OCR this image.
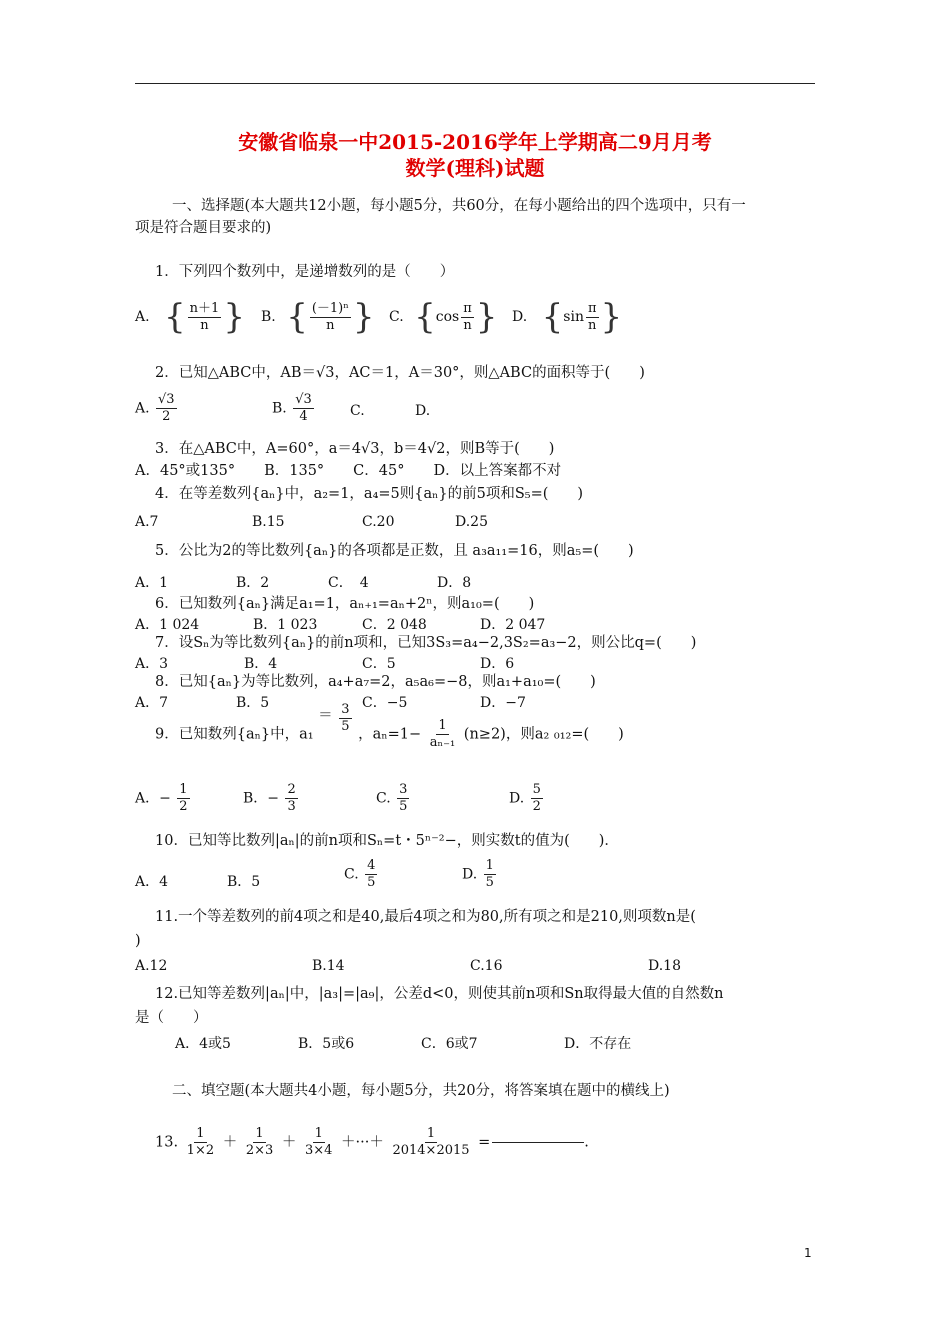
安徽省临泉一中2015-2016学年上学期高二9月月考
数学(理科)试题
一、选择题(本大题共12小题，每小题5分，共60分，在每小题给出的四个选项中，只有一
项是符合题目要求的)
1．下列四个数列中，是递增数列的是（　　）
A. { $\frac{n+1}{n}$ } B. { $\frac{\text{(－1)ⁿ}}{n}$ } C. { $\cos \frac{\pi}{n}$ } D. { $\sin \frac{\pi}{n}$ }
2．已知△ABC中，AB＝√3，AC＝1，A＝30°，则△ABC的面积等于(　　)
A. $\frac{√3}{2}$	B. $\frac{√3}{4}$	C.	D.
3．在△ABC中，A=60°，a＝4√3，b＝4√2，则B等于(　　)
A．45°或135°　　B．135°　　C．45°　　D．以上答案都不对
4．在等差数列{aₙ}中，a₂=1，a₄=5则{aₙ}的前5项和S₅=(　　)
A.7	B.15	C.20	D.25
5．公比为2的等比数列{aₙ}的各项都是正数，且 a₃a₁₁=16，则a₅=(　　)
A．1	B．2	C．　4	D．8
6．已知数列{aₙ}满足a₁=1，aₙ₊₁=aₙ+2ⁿ，则a₁₀=(　　)
A．1 024	B．1 023	C．2 048	D．2 047
7．设Sₙ为等比数列{aₙ}的前n项和，已知3S₃=a₄−2,3S₂=a₃−2，则公比q=(　　)
A．3	B．4	C．5	D．6
8．已知{aₙ}为等比数列，a₄+a₇=2，a₅a₆=−8，则a₁+a₁₀=(　　)
A．7	B．5	C．−5	D．−7
9．已知数列{aₙ}中，$a_1 = \frac{3}{5}$ ，$a_n=1- \frac{1}{\text{aₙ₋₁}} (n\ge 2)$，则a₂ ₀₁₂=(　　)
A．− $\frac{1}{2}$	B．− $\frac{2}{3}$	C. $\frac{3}{5}$	D. $\frac{5}{2}$
10．已知等比数列|aₙ|的前n项和Sₙ=t・5ⁿ⁻²−，则实数t的值为(　　)．
A．4	B．5	C. $\frac{4}{5}$	D. $\frac{1}{5}$
11.一个等差数列的前4项之和是40,最后4项之和为80,所有项之和是210,则项数n是(
)
A.12	B.14	C.16	D.18
12.已知等差数列|aₙ|中，|a₃|=|a₉|，公差d<0，则使其前n项和Sn取得最大值的自然数n
是（　　）
A．4或5	B．5或6	C．6或7	D．不存在
二、填空题(本大题共4小题，每小题5分，共20分，将答案填在题中的横线上)
13. $\frac{1}{1\times 2} + \frac{1}{2\times 3} + \frac{1}{3\times 4}$ ＋···＋ $\frac{1}{2014\times 2015}$ =	.
1
